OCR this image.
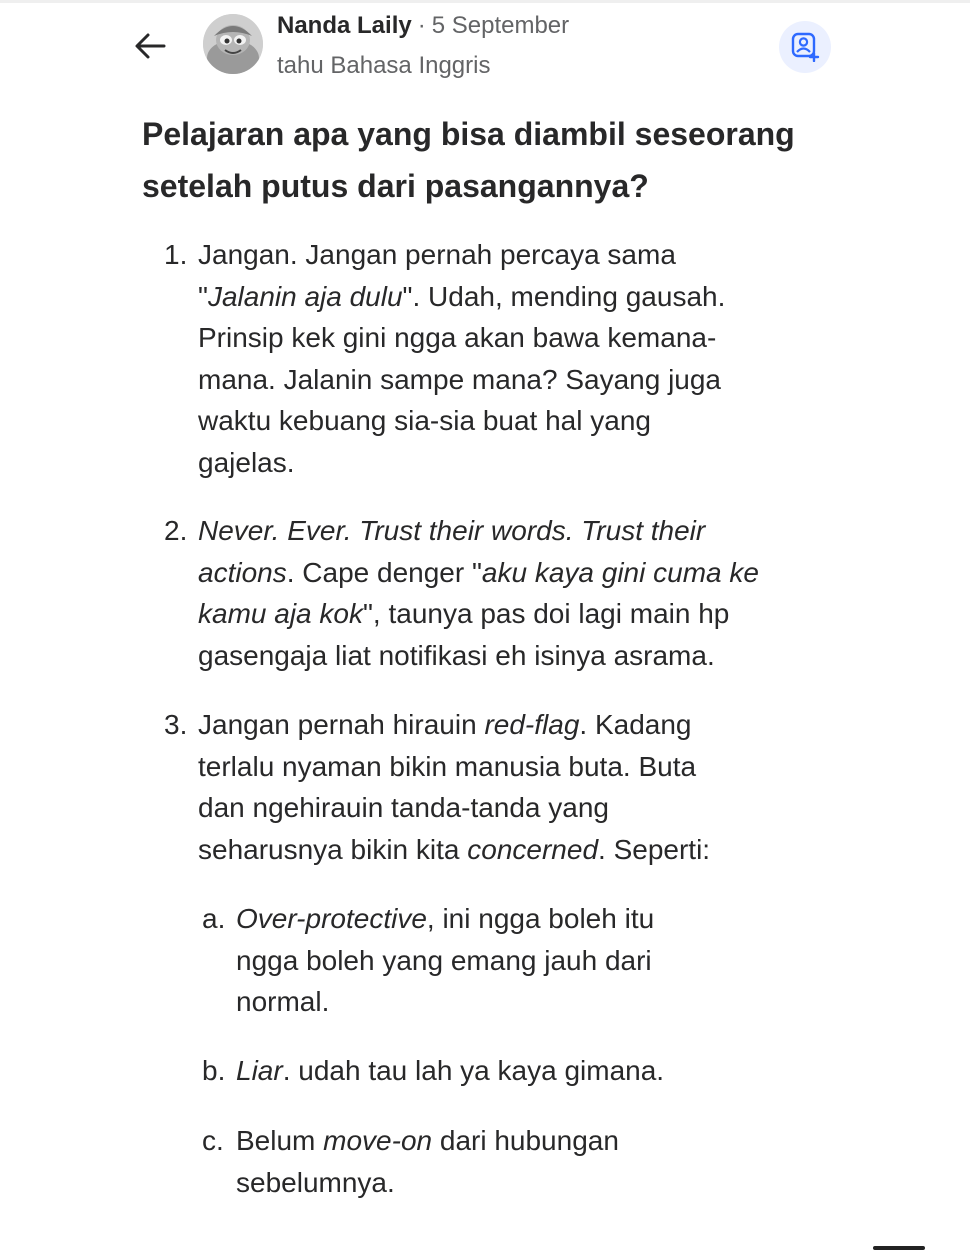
Nanda Laily · 5 September
tahu Bahasa Inggris
Pelajaran apa yang bisa diambil seseorang setelah putus dari pasangannya?
1. Jangan. Jangan pernah percaya sama
"Jalanin aja dulu". Udah, mending gausah.
Prinsip kek gini ngga akan bawa kemana-
mana. Jalanin sampe mana? Sayang juga
waktu kebuang sia-sia buat hal yang
gajelas.
2. Never. Ever. Trust their words. Trust their
actions. Cape denger "aku kaya gini cuma ke
kamu aja kok", taunya pas doi lagi main hp
gasengaja liat notifikasi eh isinya asrama.
3. Jangan pernah hirauin red-flag. Kadang
terlalu nyaman bikin manusia buta. Buta
dan ngehirauin tanda-tanda yang
seharusnya bikin kita concerned. Seperti:
a. Over-protective, ini ngga boleh itu
ngga boleh yang emang jauh dari
normal.
b. Liar. udah tau lah ya kaya gimana.
c. Belum move-on dari hubungan
sebelumnya.
